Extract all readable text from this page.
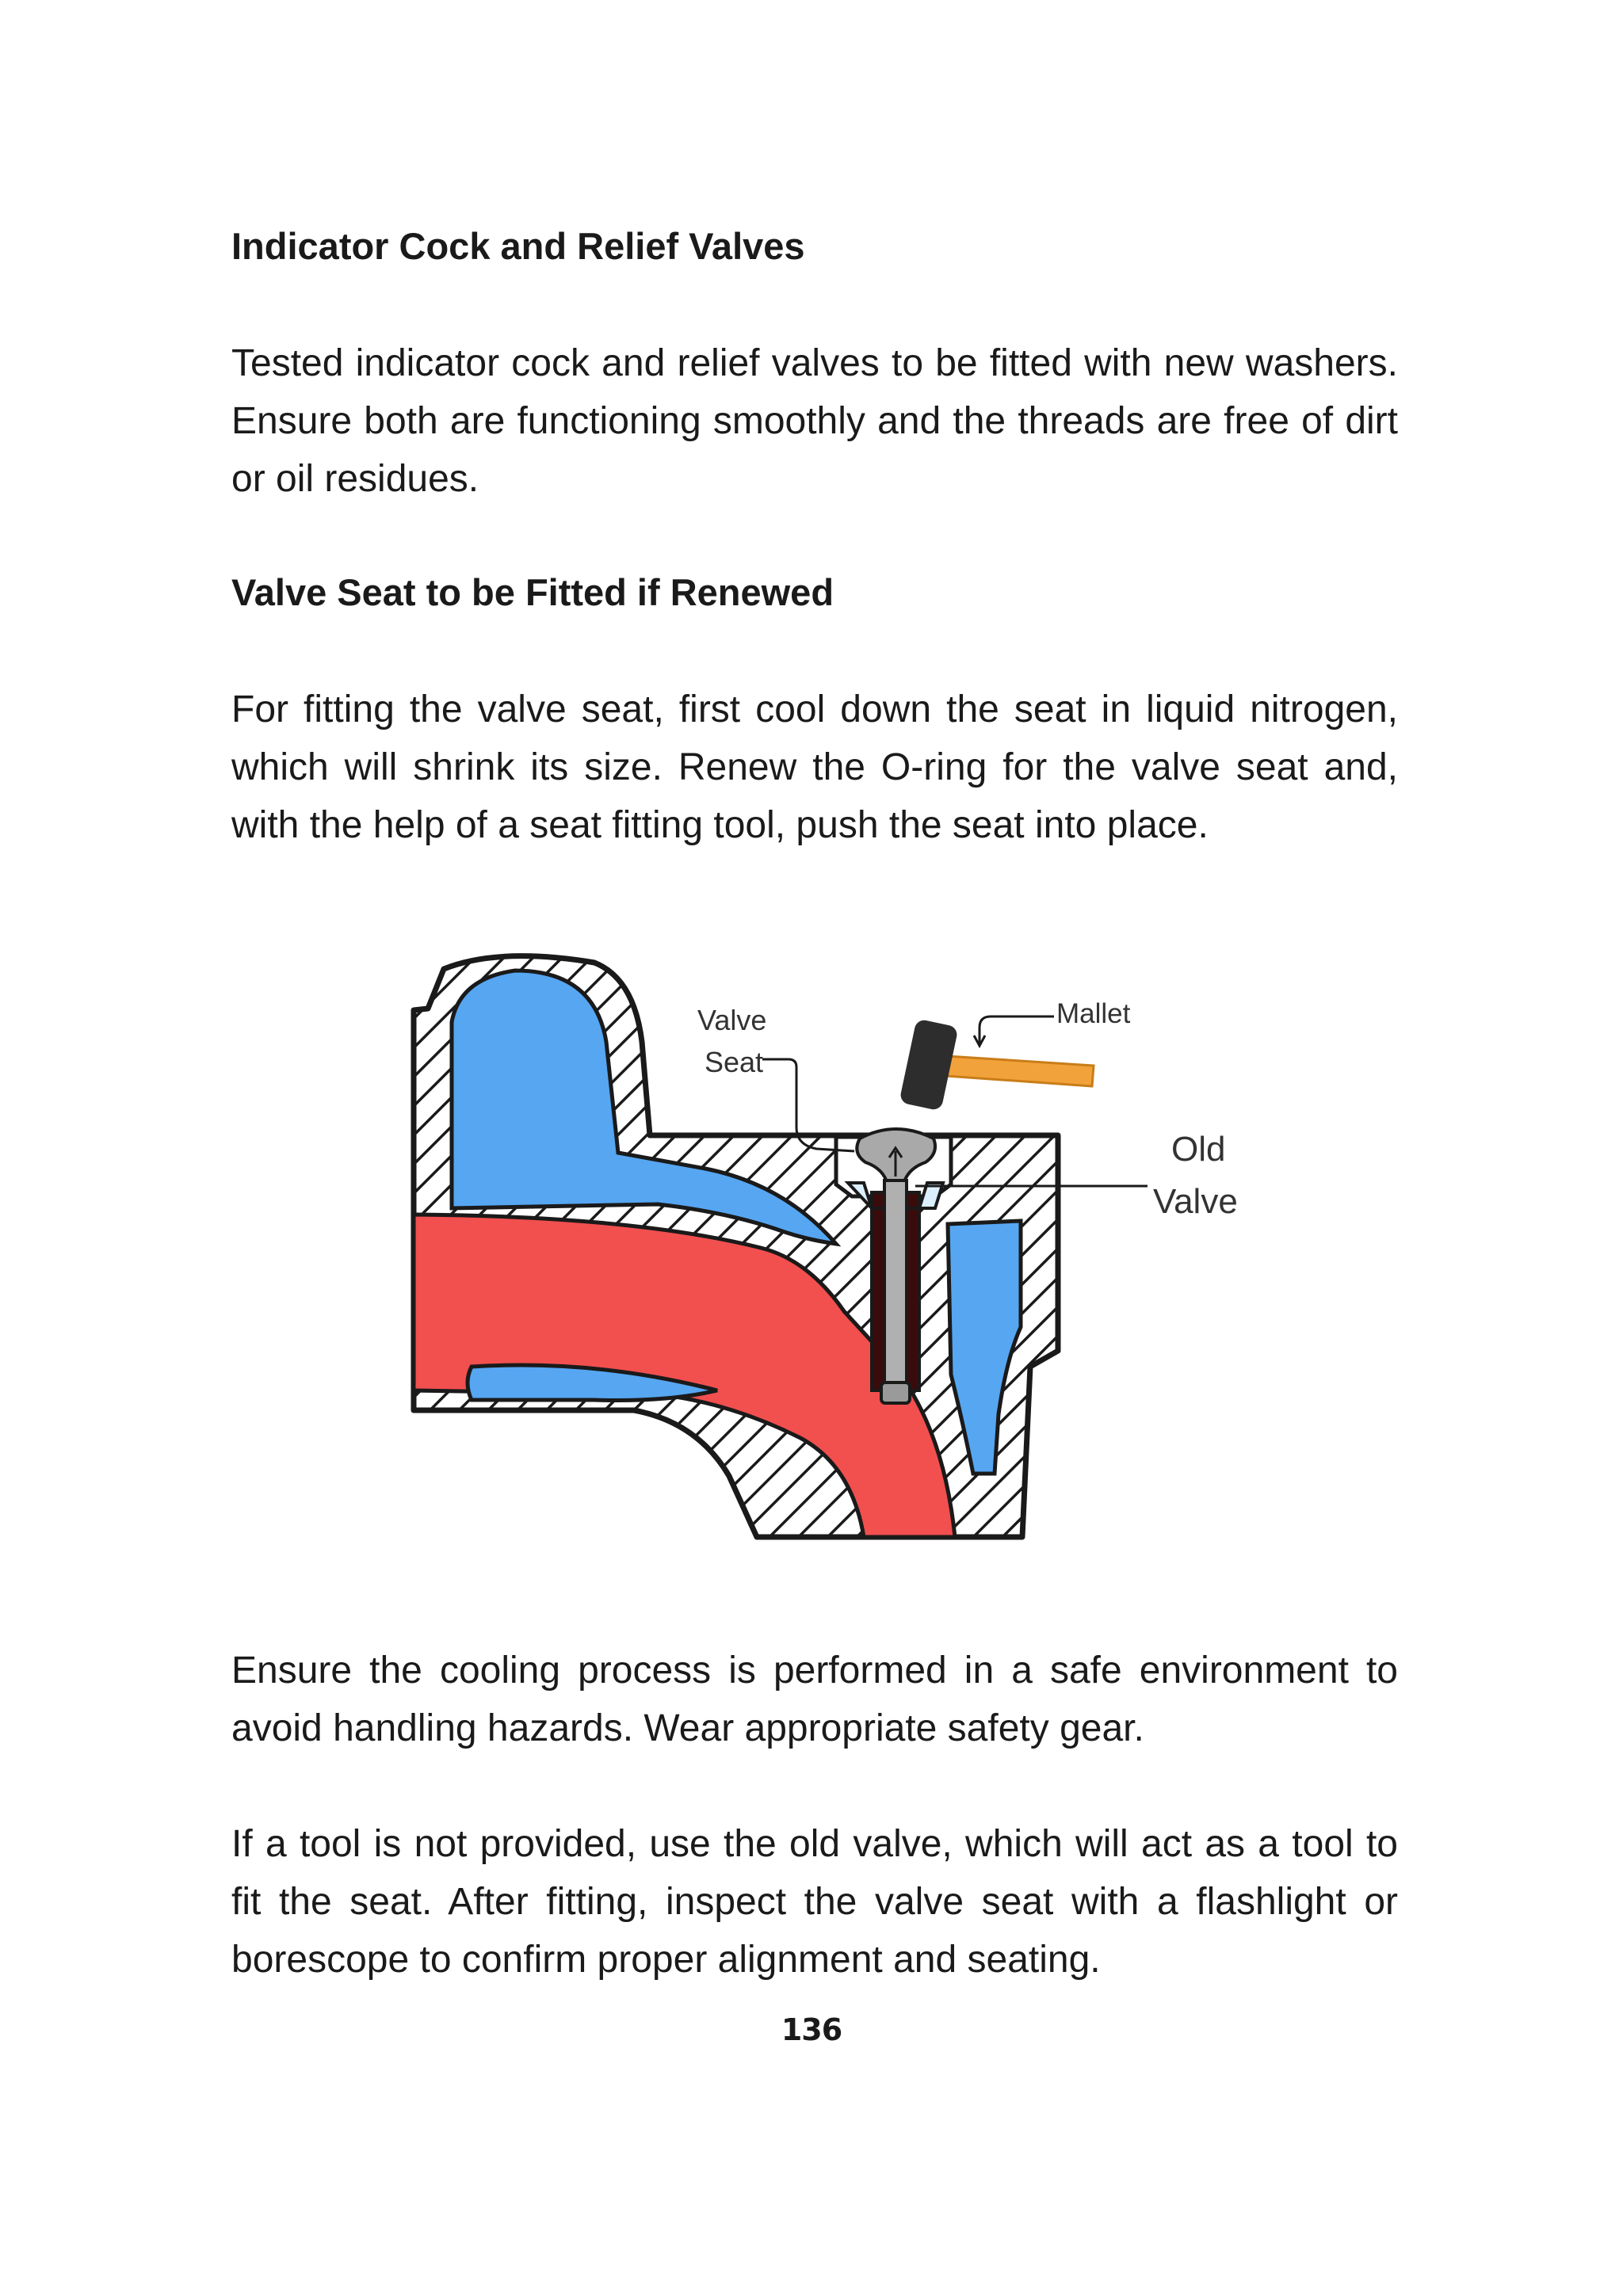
Indicator Cock and Relief Valves

Tested indicator cock and relief valves to be fitted with new washers. Ensure both are functioning smoothly and the threads are free of dirt or oil residues.

Valve Seat to be Fitted if Renewed

For fitting the valve seat, first cool down the seat in liquid nitrogen, which will shrink its size. Renew the O-ring for the valve seat and, with the help of a seat fitting tool, push the seat into place.

Valve
Seat
Mallet
Old
Valve

Ensure the cooling process is performed in a safe environment to avoid handling hazards. Wear appropriate safety gear.

If a tool is not provided, use the old valve, which will act as a tool to fit the seat. After fitting, inspect the valve seat with a flashlight or borescope to confirm proper alignment and seating.

136
